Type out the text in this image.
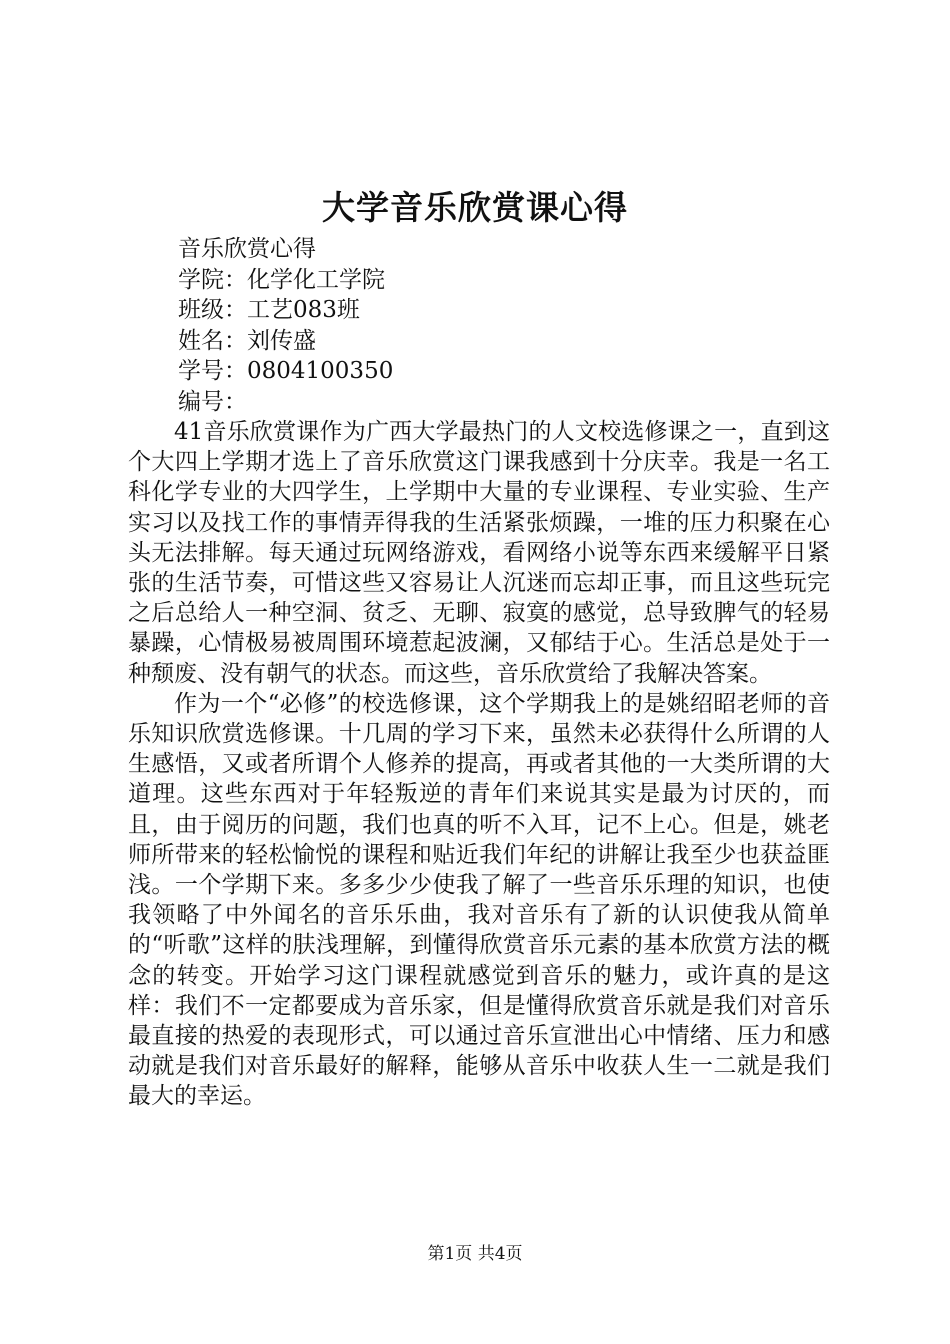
大学音乐欣赏课心得
音乐欣赏心得
学院：化学化工学院
班级：工艺083班
姓名：刘传盛
学号：0804100350
编号：

41音乐欣赏课作为广西大学最热门的人文校选修课之一，直到这个大四上学期才选上了音乐欣赏这门课我感到十分庆幸。我是一名工科化学专业的大四学生，上学期中大量的专业课程、专业实验、生产实习以及找工作的事情弄得我的生活紧张烦躁，一堆的压力积聚在心头无法排解。每天通过玩网络游戏，看网络小说等东西来缓解平日紧张的生活节奏，可惜这些又容易让人沉迷而忘却正事，而且这些玩完之后总给人一种空洞、贫乏、无聊、寂寞的感觉，总导致脾气的轻易暴躁，心情极易被周围环境惹起波澜，又郁结于心。生活总是处于一种颓废、没有朝气的状态。而这些，音乐欣赏给了我解决答案。

作为一个“必修”的校选修课，这个学期我上的是姚绍昭老师的音乐知识欣赏选修课。十几周的学习下来，虽然未必获得什么所谓的人生感悟，又或者所谓个人修养的提高，再或者其他的一大类所谓的大道理。这些东西对于年轻叛逆的青年们来说其实是最为讨厌的，而且，由于阅历的问题，我们也真的听不入耳，记不上心。但是，姚老师所带来的轻松愉悦的课程和贴近我们年纪的讲解让我至少也获益匪浅。一个学期下来。多多少少使我了解了一些音乐乐理的知识，也使我领略了中外闻名的音乐乐曲，我对音乐有了新的认识使我从简单的“听歌”这样的肤浅理解，到懂得欣赏音乐元素的基本欣赏方法的概念的转变。开始学习这门课程就感觉到音乐的魅力，或许真的是这样：我们不一定都要成为音乐家，但是懂得欣赏音乐就是我们对音乐最直接的热爱的表现形式，可以通过音乐宣泄出心中情绪、压力和感动就是我们对音乐最好的解释，能够从音乐中收获人生一二就是我们最大的幸运。

第1页 共4页
